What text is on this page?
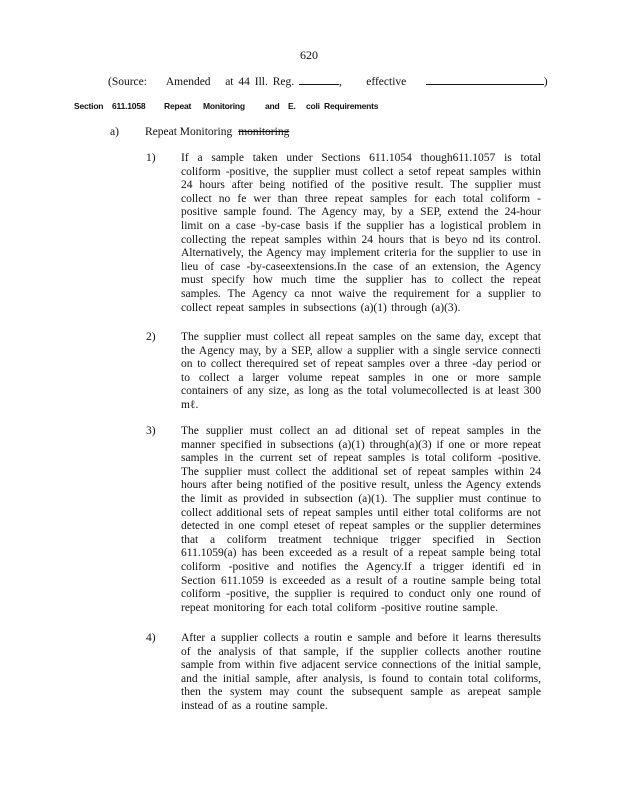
620
(Source: Amended at 44 Ill. Reg.	,     effective	)
Section 611.1058 Repeat Monitoring and E. coli Requirements
a) Repeat Monitoring monitoring
1) If a sample taken under Sections 611.1054 though611.1057 is total coliform -positive, the supplier must collect a setof repeat samples within 24 hours after being notified of the positive result. The supplier must collect no fe wer than three repeat samples for each total coliform -positive sample found. The Agency may, by a SEP, extend the 24-hour limit on a case -by-case basis if the supplier has a logistical problem in collecting the repeat samples within 24 hours that is beyo nd its control. Alternatively, the Agency may implement criteria for the supplier to use in lieu of case -by-caseextensions.In the case of an extension, the Agency must specify how much time the supplier has to collect the repeat samples. The Agency ca nnot waive the requirement for a supplier to collect repeat samples in subsections (a)(1) through (a)(3).
2) The supplier must collect all repeat samples on the same day, except that the Agency may, by a SEP, allow a supplier with a single service connecti on to collect therequired set of repeat samples over a three -day period or to collect a larger volume repeat samples in one or more sample containers of any size, as long as the total volumecollected is at least 300 mℓ.
3) The supplier must collect an ad ditional set of repeat samples in the manner specified in subsections (a)(1) through(a)(3) if one or more repeat samples in the current set of repeat samples is total coliform -positive. The supplier must collect the additional set of repeat samples within 24 hours after being notified of the positive result, unless the Agency extends the limit as provided in subsection (a)(1). The supplier must continue to collect additional sets of repeat samples until either total coliforms are not detected in one compl eteset of repeat samples or the supplier determines that a coliform treatment technique trigger specified in Section 611.1059(a) has been exceeded as a result of a repeat sample being total coliform -positive and notifies the Agency.If a trigger identifi ed in Section 611.1059 is exceeded as a result of a routine sample being total coliform -positive, the supplier is required to conduct only one round of repeat monitoring for each total coliform -positive routine sample.
4) After a supplier collects a routin e sample and before it learns theresults of the analysis of that sample, if the supplier collects another routine sample from within five adjacent service connections of the initial sample, and the initial sample, after analysis, is found to contain total coliforms, then the system may count the subsequent sample as arepeat sample instead of as a routine sample.
